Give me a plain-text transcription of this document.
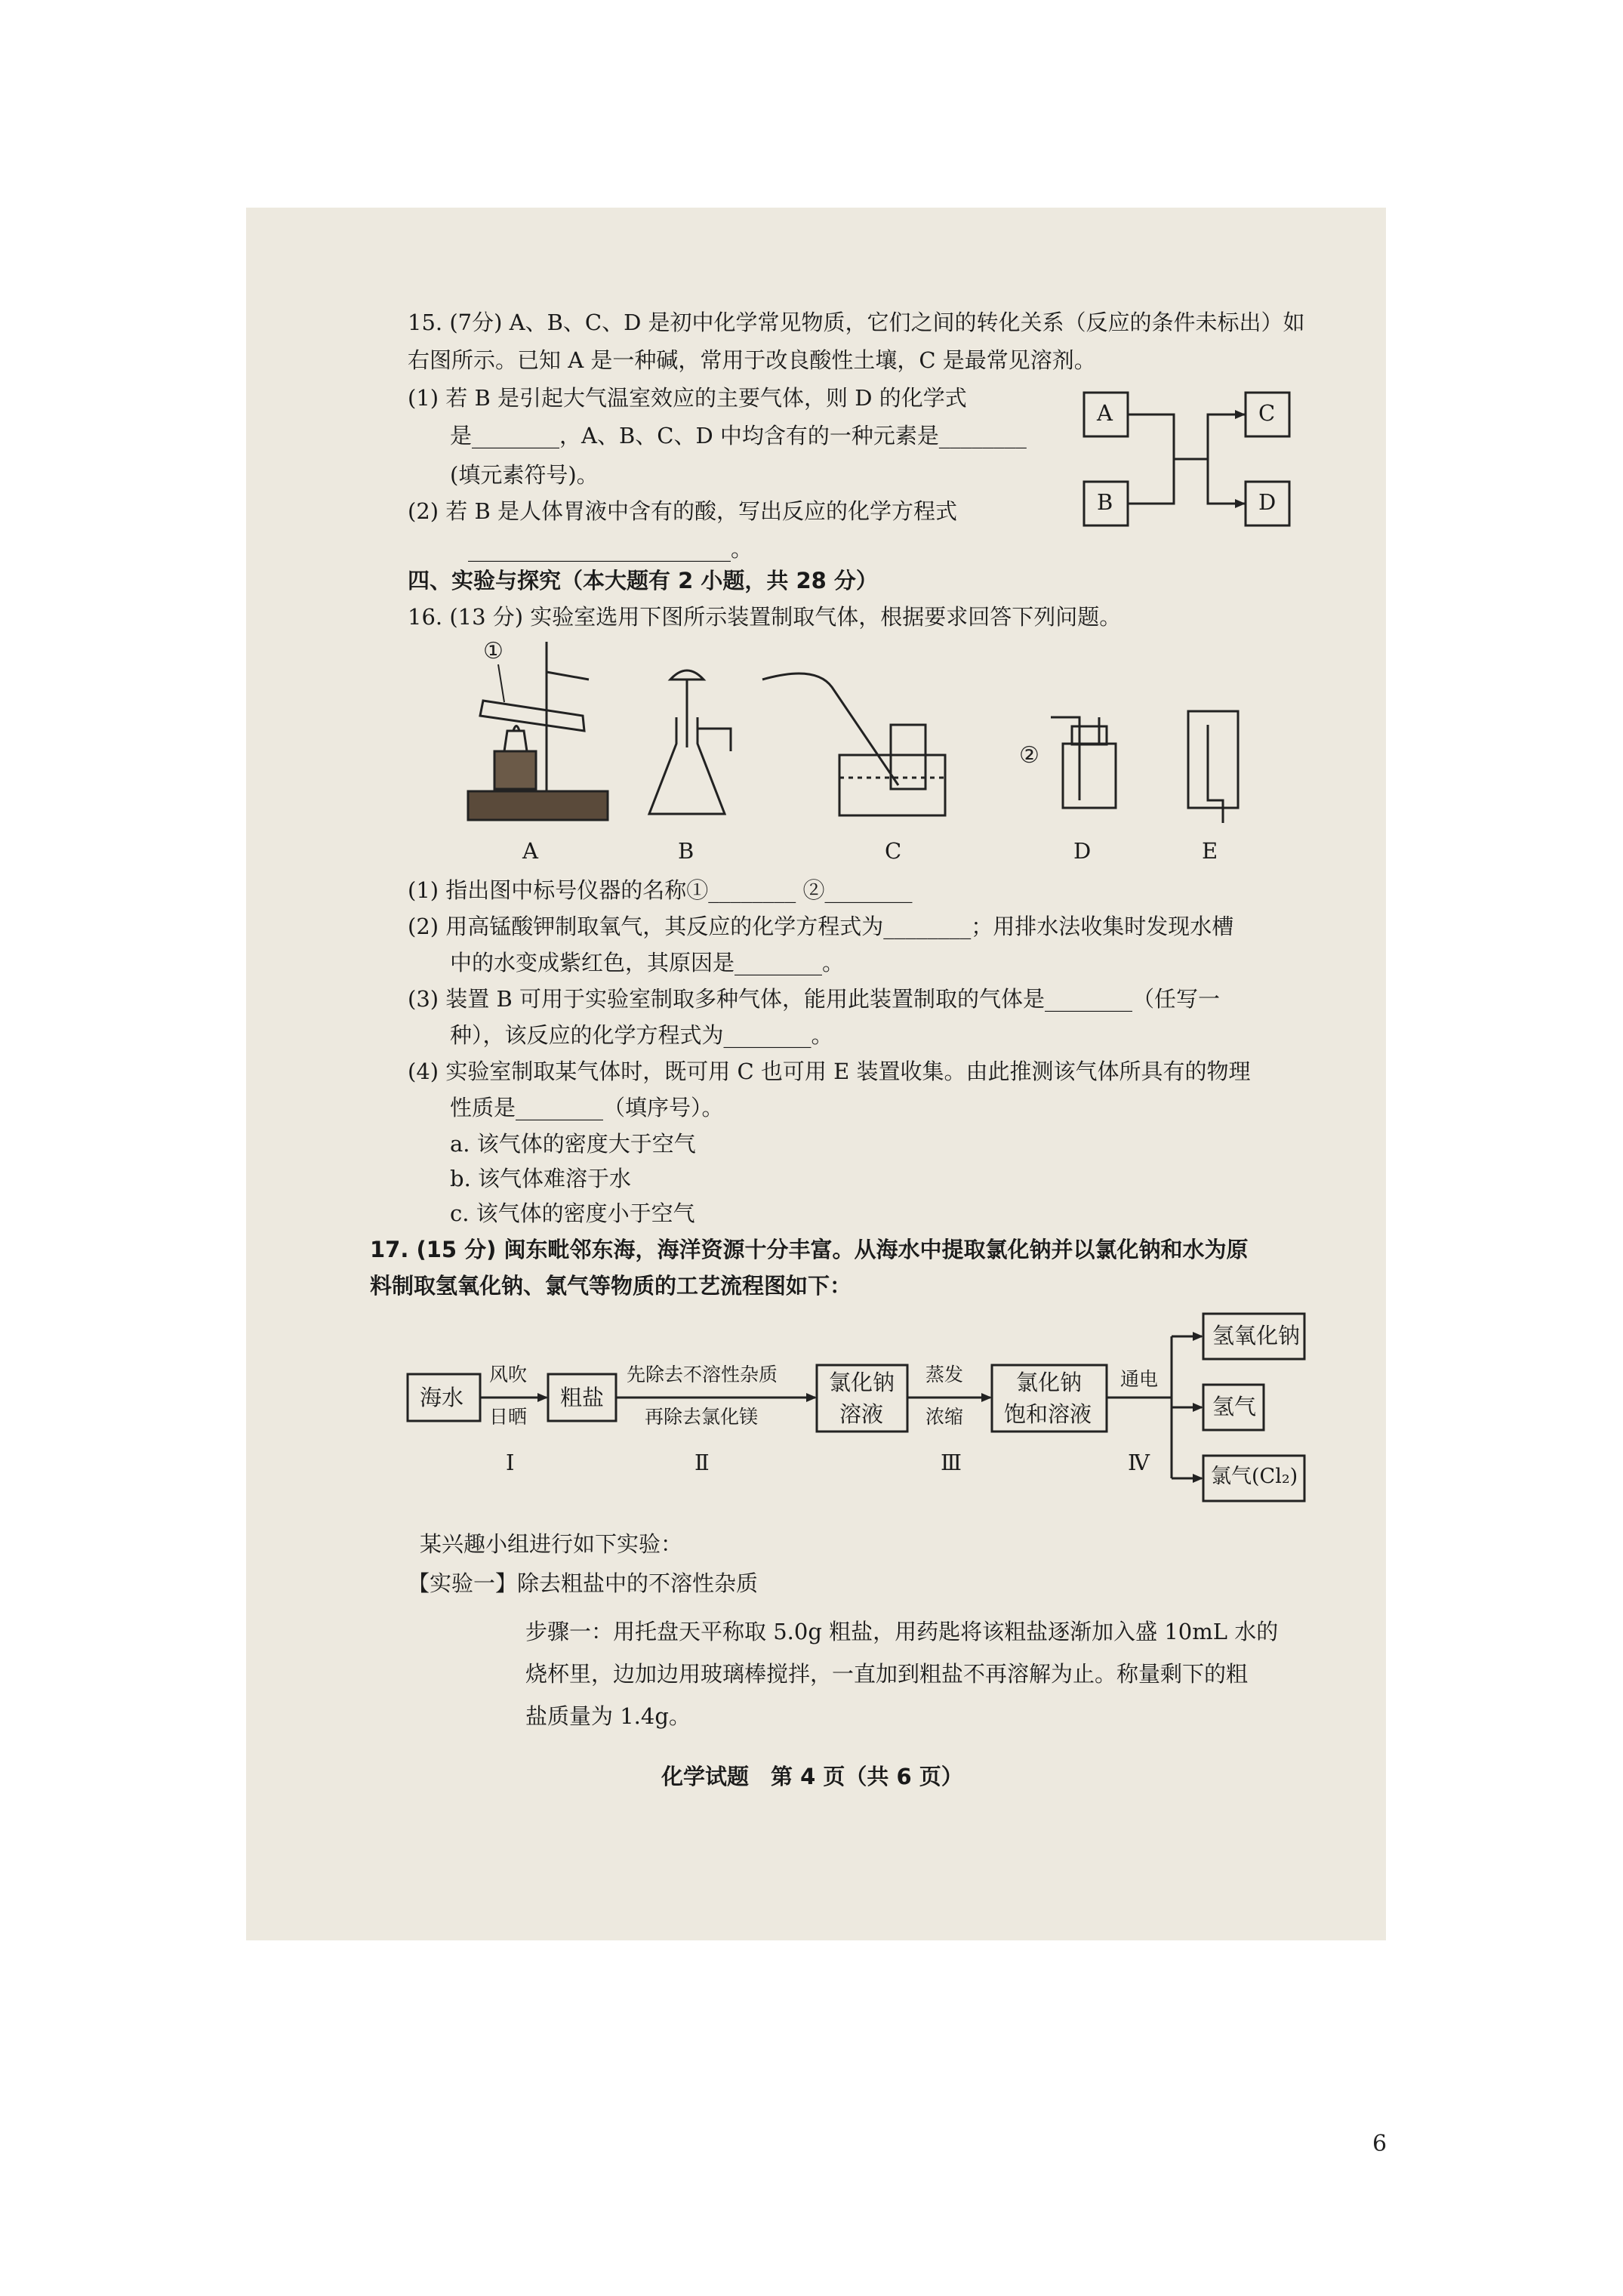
15. (7分) A、B、C、D 是初中化学常见物质，它们之间的转化关系（反应的条件未标出）如
右图所示。已知 A 是一种碱，常用于改良酸性土壤，C 是最常见溶剂。
(1) 若 B 是引起大气温室效应的主要气体，则 D 的化学式
是________，A、B、C、D 中均含有的一种元素是________
(填元素符号)。
(2) 若 B 是人体胃液中含有的酸，写出反应的化学方程式
________________________。
①
②
A
B
C
D
四、实验与探究（本大题有 2 小题，共 28 分）
16. (13 分) 实验室选用下图所示装置制取气体，根据要求回答下列问题。
A	B	C	D	E
(1) 指出图中标号仪器的名称①________ ②________
(2) 用高锰酸钾制取氧气，其反应的化学方程式为________；用排水法收集时发现水槽
中的水变成紫红色，其原因是________。
(3) 装置 B 可用于实验室制取多种气体，能用此装置制取的气体是________（任写一
种），该反应的化学方程式为________。
(4) 实验室制取某气体时，既可用 C 也可用 E 装置收集。由此推测该气体所具有的物理
性质是________（填序号）。
a. 该气体的密度大于空气
b. 该气体难溶于水
c. 该气体的密度小于空气
17. (15 分) 闽东毗邻东海，海洋资源十分丰富。从海水中提取氯化钠并以氯化钠和水为原
料制取氢氧化钠、氯气等物质的工艺流程图如下：
海水
风吹
日晒
粗盐
先除去不溶性杂质
再除去氯化镁
氯化钠
溶液
蒸发
浓缩
氯化钠
饱和溶液
通电
氢氧化钠
氢气
氯气(Cl₂)
Ⅰ	Ⅱ	Ⅲ	Ⅳ
某兴趣小组进行如下实验：
【实验一】除去粗盐中的不溶性杂质
步骤一：用托盘天平称取 5.0g 粗盐，用药匙将该粗盐逐渐加入盛 10mL 水的
烧杯里，边加边用玻璃棒搅拌，一直加到粗盐不再溶解为止。称量剩下的粗
盐质量为 1.4g。
化学试题　第 4 页（共 6 页）
6
